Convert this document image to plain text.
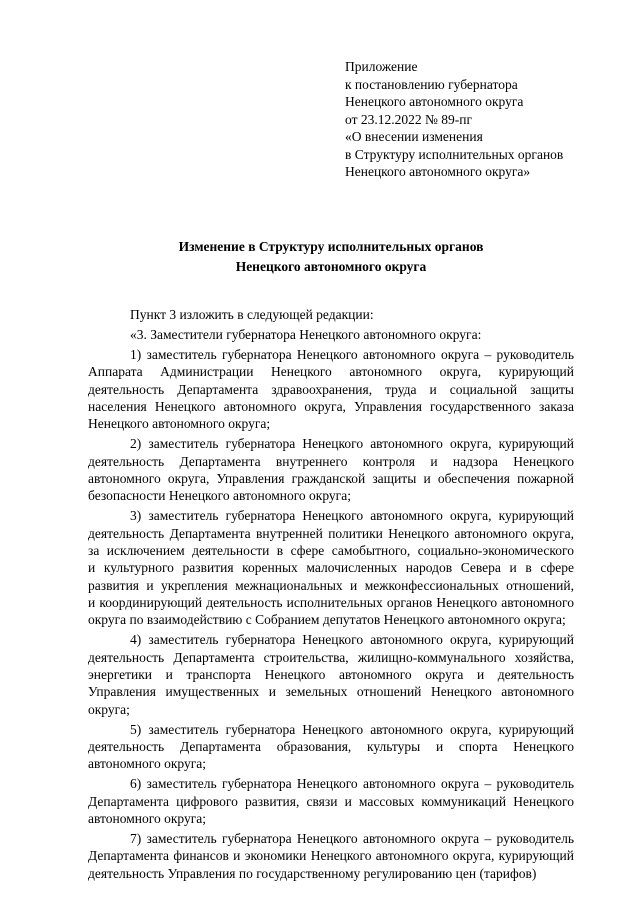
Приложение
к постановлению губернатора
Ненецкого автономного округа
от 23.12.2022 № 89-пг
«О внесении изменения
в Структуру исполнительных органов
Ненецкого автономного округа»
Изменение в Структуру исполнительных органов
Ненецкого автономного округа
Пункт 3 изложить в следующей редакции:
«3. Заместители губернатора Ненецкого автономного округа:
1) заместитель губернатора Ненецкого автономного округа – руководитель
Аппарата Администрации Ненецкого автономного округа, курирующий
деятельность Департамента здравоохранения, труда и социальной защиты
населения Ненецкого автономного округа, Управления государственного заказа
Ненецкого автономного округа;
2) заместитель губернатора Ненецкого автономного округа, курирующий
деятельность Департамента внутреннего контроля и надзора Ненецкого
автономного округа, Управления гражданской защиты и обеспечения пожарной
безопасности Ненецкого автономного округа;
3) заместитель губернатора Ненецкого автономного округа, курирующий
деятельность Департамента внутренней политики Ненецкого автономного округа,
за исключением деятельности в сфере самобытного, социально-экономического
и культурного развития коренных малочисленных народов Севера и в сфере
развития и укрепления межнациональных и межконфессиональных отношений,
и координирующий деятельность исполнительных органов Ненецкого автономного
округа по взаимодействию с Собранием депутатов Ненецкого автономного округа;
4) заместитель губернатора Ненецкого автономного округа, курирующий
деятельность Департамента строительства, жилищно-коммунального хозяйства,
энергетики и транспорта Ненецкого автономного округа и деятельность
Управления имущественных и земельных отношений Ненецкого автономного
округа;
5) заместитель губернатора Ненецкого автономного округа, курирующий
деятельность Департамента образования, культуры и спорта Ненецкого
автономного округа;
6) заместитель губернатора Ненецкого автономного округа – руководитель
Департамента цифрового развития, связи и массовых коммуникаций Ненецкого
автономного округа;
7) заместитель губернатора Ненецкого автономного округа – руководитель
Департамента финансов и экономики Ненецкого автономного округа, курирующий
деятельность Управления по государственному регулированию цен (тарифов)
